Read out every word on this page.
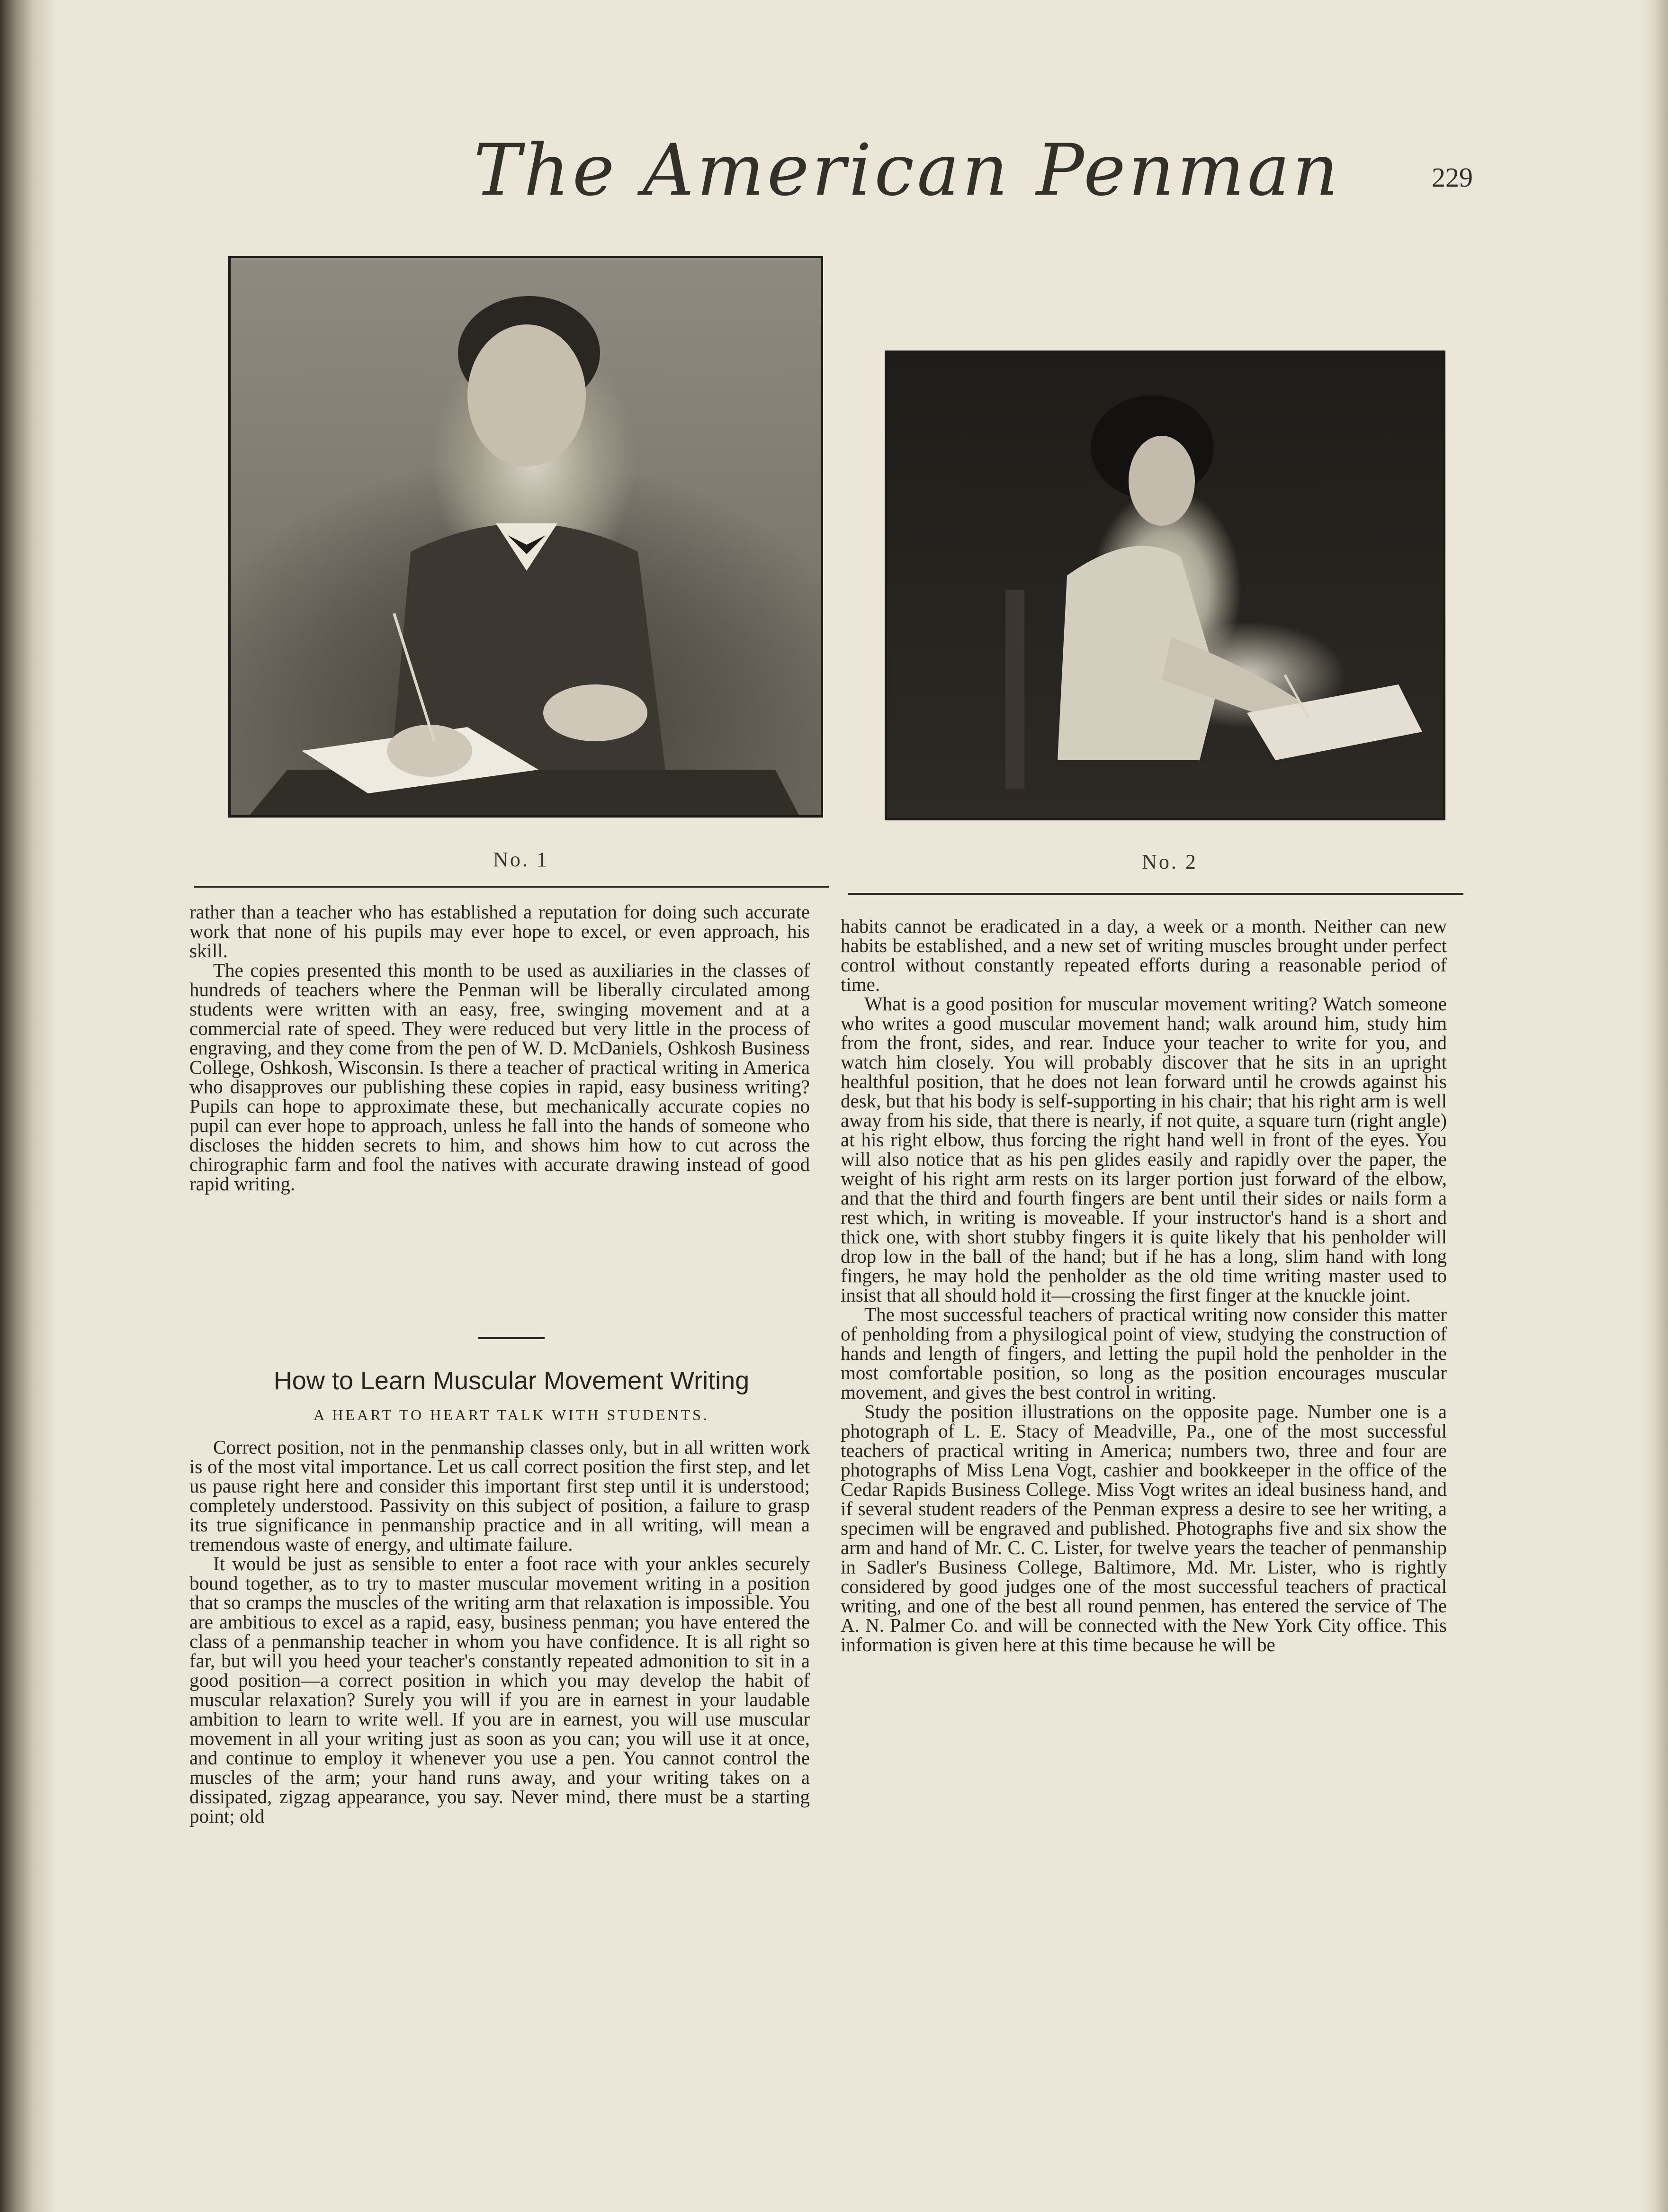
The American Penman	229
No. 1	No. 2

rather than a teacher who has established a reputation for doing such accurate work that none of his pupils may ever hope to excel, or even approach, his skill.

The copies presented this month to be used as auxiliaries in the classes of hundreds of teachers where the Penman will be liberally circulated among students were written with an easy, free, swinging movement and at a commercial rate of speed. They were reduced but very little in the process of engraving, and they come from the pen of W. D. McDaniels, Oshkosh Business College, Oshkosh, Wisconsin. Is there a teacher of practical writing in America who disapproves our publishing these copies in rapid, easy business writing? Pupils can hope to approximate these, but mechanically accurate copies no pupil can ever hope to approach, unless he fall into the hands of someone who discloses the hidden secrets to him, and shows him how to cut across the chirographic farm and fool the natives with accurate drawing instead of good rapid writing.

How to Learn Muscular Movement Writing
A HEART TO HEART TALK WITH STUDENTS.

Correct position, not in the penmanship classes only, but in all written work is of the most vital importance. Let us call correct position the first step, and let us pause right here and consider this important first step until it is understood; completely understood. Passivity on this subject of position, a failure to grasp its true significance in penmanship practice and in all writing, will mean a tremendous waste of energy, and ultimate failure.

It would be just as sensible to enter a foot race with your ankles securely bound together, as to try to master muscular movement writing in a position that so cramps the muscles of the writing arm that relaxation is impossible. You are ambitious to excel as a rapid, easy, business penman; you have entered the class of a penmanship teacher in whom you have confidence. It is all right so far, but will you heed your teacher's constantly repeated admonition to sit in a good position—a correct position in which you may develop the habit of muscular relaxation? Surely you will if you are in earnest in your laudable ambition to learn to write well. If you are in earnest, you will use muscular movement in all your writing just as soon as you can; you will use it at once, and continue to employ it whenever you use a pen. You cannot control the muscles of the arm; your hand runs away, and your writing takes on a dissipated, zigzag appearance, you say. Never mind, there must be a starting point; old

habits cannot be eradicated in a day, a week or a month. Neither can new habits be established, and a new set of writing muscles brought under perfect control without constantly repeated efforts during a reasonable period of time.

What is a good position for muscular movement writing? Watch someone who writes a good muscular movement hand; walk around him, study him from the front, sides, and rear. Induce your teacher to write for you, and watch him closely. You will probably discover that he sits in an upright healthful position, that he does not lean forward until he crowds against his desk, but that his body is self-supporting in his chair; that his right arm is well away from his side, that there is nearly, if not quite, a square turn (right angle) at his right elbow, thus forcing the right hand well in front of the eyes. You will also notice that as his pen glides easily and rapidly over the paper, the weight of his right arm rests on its larger portion just forward of the elbow, and that the third and fourth fingers are bent until their sides or nails form a rest which, in writing is moveable. If your instructor's hand is a short and thick one, with short stubby fingers it is quite likely that his penholder will drop low in the ball of the hand; but if he has a long, slim hand with long fingers, he may hold the penholder as the old time writing master used to insist that all should hold it—crossing the first finger at the knuckle joint.

The most successful teachers of practical writing now consider this matter of penholding from a physilogical point of view, studying the construction of hands and length of fingers, and letting the pupil hold the penholder in the most comfortable position, so long as the position encourages muscular movement, and gives the best control in writing.

Study the position illustrations on the opposite page. Number one is a photograph of L. E. Stacy of Meadville, Pa., one of the most successful teachers of practical writing in America; numbers two, three and four are photographs of Miss Lena Vogt, cashier and bookkeeper in the office of the Cedar Rapids Business College. Miss Vogt writes an ideal business hand, and if several student readers of the Penman express a desire to see her writing, a specimen will be engraved and published. Photographs five and six show the arm and hand of Mr. C. C. Lister, for twelve years the teacher of penmanship in Sadler's Business College, Baltimore, Md. Mr. Lister, who is rightly considered by good judges one of the most successful teachers of practical writing, and one of the best all round penmen, has entered the service of The A. N. Palmer Co. and will be connected with the New York City office. This information is given here at this time because he will be
